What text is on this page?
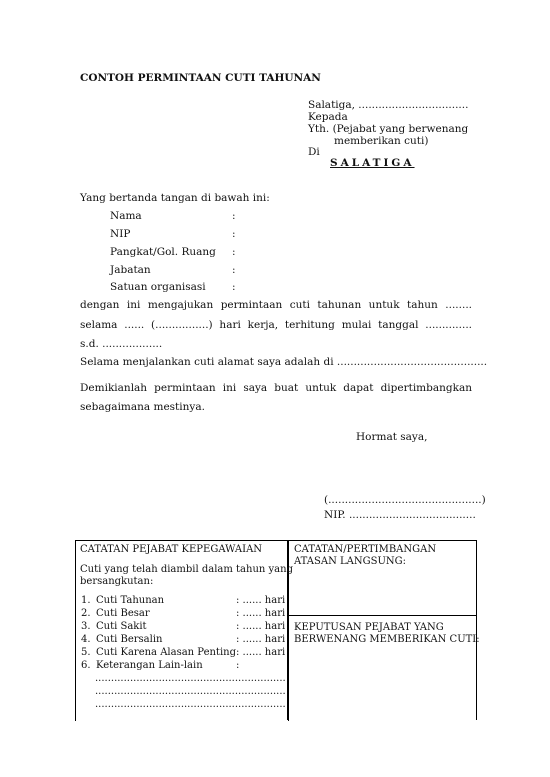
CONTOH PERMINTAAN CUTI TAHUNAN
Salatiga, .................................
Kepada
Yth. (Pejabat yang berwenang
memberikan cuti)
Di
SALATIGA
Yang bertanda tangan di bawah ini:
Nama	:
NIP	:
Pangkat/Gol. Ruang :
Jabatan	:
Satuan organisasi	:
dengan ini mengajukan permintaan cuti tahunan untuk tahun ........
selama ...... (................) hari kerja, terhitung mulai tanggal ..............
s.d. ..................
Selama menjalankan cuti alamat saya adalah di .............................................
Demikianlah permintaan ini saya buat untuk dapat dipertimbangkan
sebagaimana mestinya.
Hormat saya,
(..............................................)
NIP. ......................................
CATATAN PEJABAT KEPEGAWAIAN
Cuti yang telah diambil dalam tahun yang
bersangkutan:
1. Cuti Tahunan	: ...... hari
2. Cuti Besar	: ...... hari
3. Cuti Sakit	: ...... hari
4. Cuti Bersalin	: ...... hari
5. Cuti Karena Alasan Penting : ...... hari
6. Keterangan Lain-lain	:
............................................................
............................................................
............................................................
CATATAN/PERTIMBANGAN
ATASAN LANGSUNG:
KEPUTUSAN PEJABAT YANG
BERWENANG MEMBERIKAN CUTI:
